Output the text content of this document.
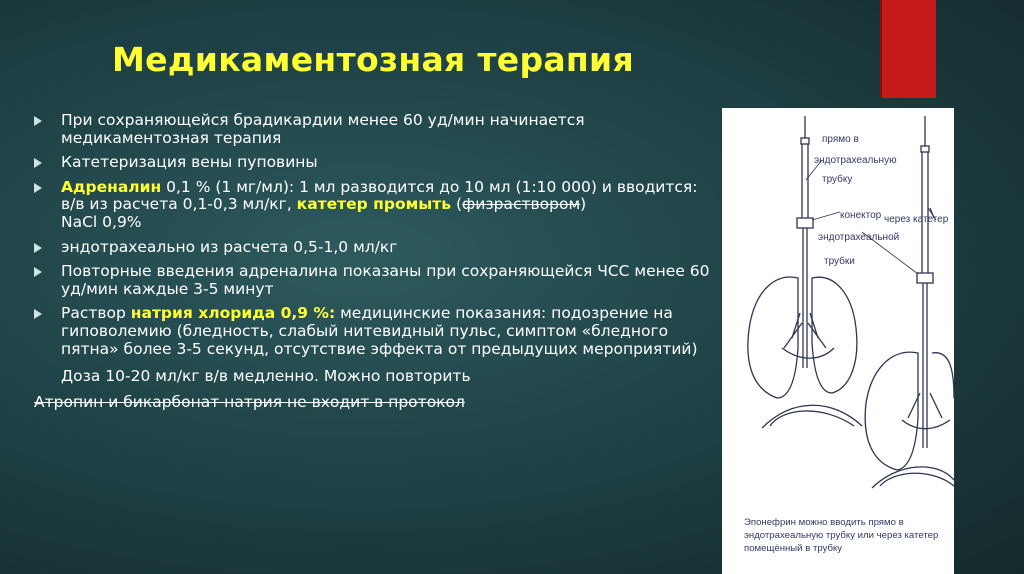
Медикаментозная терапия
При сохраняющейся брадикардии менее 60 уд/мин начинается медикаментозная терапия
Катетеризация вены пуповины
Адреналин 0,1 % (1 мг/мл): 1 мл разводится до 10 мл (1:10 000) и вводится:
в/в из расчета 0,1-0,3 мл/кг, катетер промыть (физраствором)
NaCl 0,9%
эндотрахеально из расчета 0,5-1,0 мл/кг
Повторные введения адреналина показаны при сохраняющейся ЧСС менее 60 уд/мин каждые 3-5 минут
Раствор натрия хлорида 0,9 %: медицинские показания: подозрение на гиповолемию (бледность, слабый нитевидный пульс, симптом «бледного пятна» более 3-5 секунд, отсутствие эффекта от предыдущих мероприятий)
Доза 10-20 мл/кг в/в медленно. Можно повторить
Атропин и бикарбонат натрия не входит в протокол
прямо в
эндотрахеальную
трубку
конектор
эндотрахеальной
трубки
через катетер
Эпонефрин можно вводить прямо в эндотрахеальную трубку или через катетер помещённый в трубку
